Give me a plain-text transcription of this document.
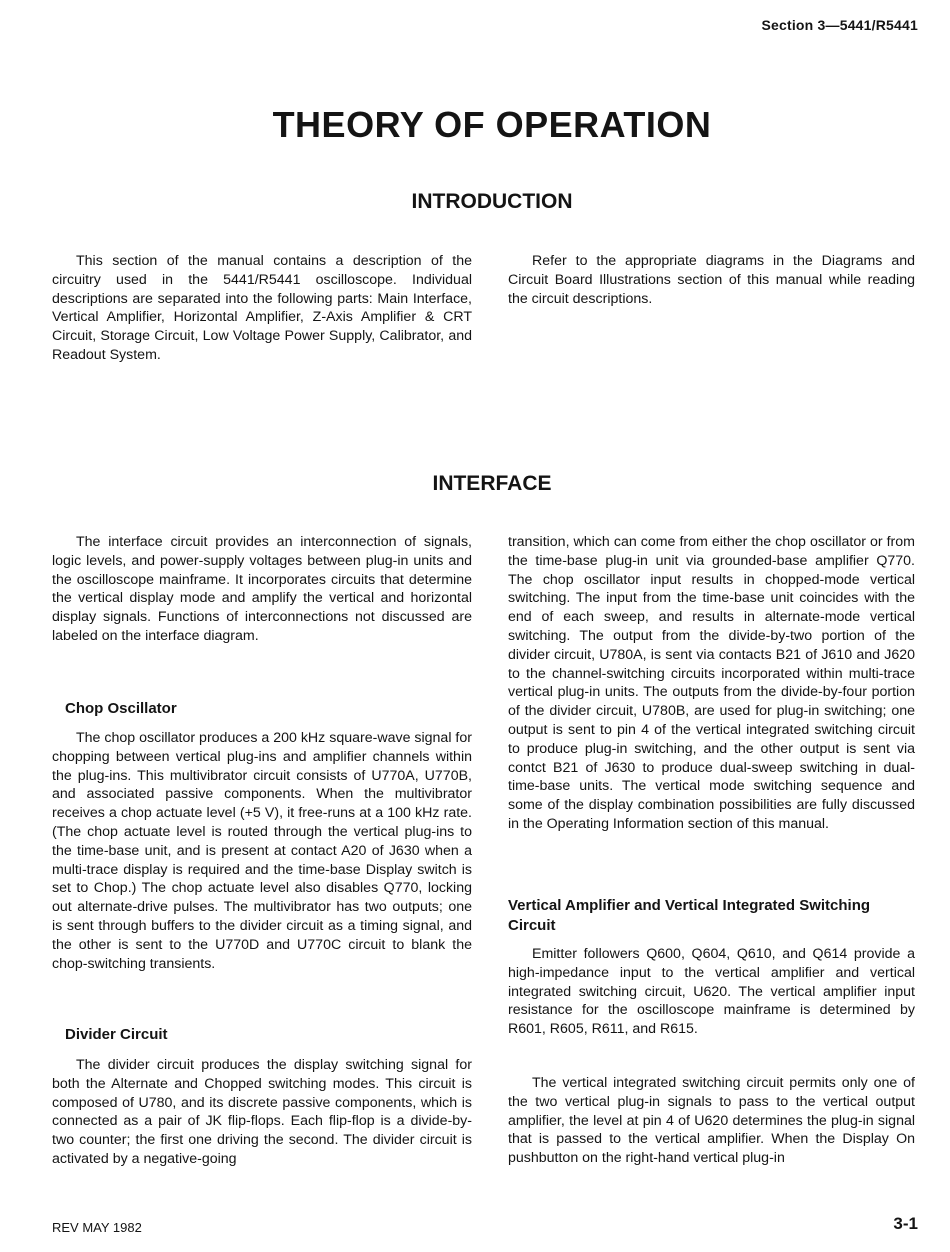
Section 3—5441/R5441
THEORY OF OPERATION
INTRODUCTION

This section of the manual contains a description of the circuitry used in the 5441/R5441 oscilloscope. Individual descriptions are separated into the following parts: Main Interface, Vertical Amplifier, Horizontal Amplifier, Z-Axis Amplifier & CRT Circuit, Storage Circuit, Low Voltage Power Supply, Calibrator, and Readout System.

Refer to the appropriate diagrams in the Diagrams and Circuit Board Illustrations section of this manual while reading the circuit descriptions.

INTERFACE

The interface circuit provides an interconnection of signals, logic levels, and power-supply voltages between plug-in units and the oscilloscope mainframe. It incorporates circuits that determine the vertical display mode and amplify the vertical and horizontal display signals. Functions of interconnections not discussed are labeled on the interface diagram.

Chop Oscillator

The chop oscillator produces a 200 kHz square-wave signal for chopping between vertical plug-ins and amplifier channels within the plug-ins. This multivibrator circuit consists of U770A, U770B, and associated passive components. When the multivibrator receives a chop actuate level (+5 V), it free-runs at a 100 kHz rate. (The chop actuate level is routed through the vertical plug-ins to the time-base unit, and is present at contact A20 of J630 when a multi-trace display is required and the time-base Display switch is set to Chop.) The chop actuate level also disables Q770, locking out alternate-drive pulses. The multivibrator has two outputs; one is sent through buffers to the divider circuit as a timing signal, and the other is sent to the U770D and U770C circuit to blank the chop-switching transients.

Divider Circuit

The divider circuit produces the display switching signal for both the Alternate and Chopped switching modes. This circuit is composed of U780, and its discrete passive components, which is connected as a pair of JK flip-flops. Each flip-flop is a divide-by-two counter; the first one driving the second. The divider circuit is activated by a negative-going

transition, which can come from either the chop oscillator or from the time-base plug-in unit via grounded-base amplifier Q770. The chop oscillator input results in chopped-mode vertical switching. The input from the time-base unit coincides with the end of each sweep, and results in alternate-mode vertical switching. The output from the divide-by-two portion of the divider circuit, U780A, is sent via contacts B21 of J610 and J620 to the channel-switching circuits incorporated within multi-trace vertical plug-in units. The outputs from the divide-by-four portion of the divider circuit, U780B, are used for plug-in switching; one output is sent to pin 4 of the vertical integrated switching circuit to produce plug-in switching, and the other output is sent via contct B21 of J630 to produce dual-sweep switching in dual-time-base units. The vertical mode switching sequence and some of the display combination possibilities are fully discussed in the Operating Information section of this manual.

Vertical Amplifier and Vertical Integrated Switching Circuit

Emitter followers Q600, Q604, Q610, and Q614 provide a high-impedance input to the vertical amplifier and vertical integrated switching circuit, U620. The vertical amplifier input resistance for the oscilloscope mainframe is determined by R601, R605, R611, and R615.

The vertical integrated switching circuit permits only one of the two vertical plug-in signals to pass to the vertical output amplifier, the level at pin 4 of U620 determines the plug-in signal that is passed to the vertical amplifier. When the Display On pushbutton on the right-hand vertical plug-in

REV MAY 1982	3-1
